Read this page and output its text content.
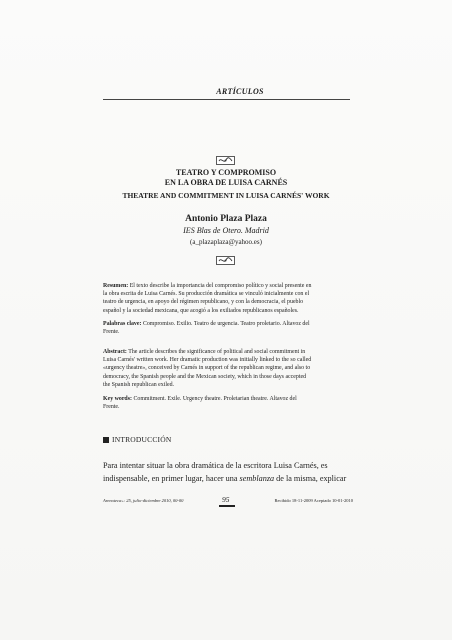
ARTÍCULOS
TEATRO Y COMPROMISO
EN LA OBRA DE LUISA CARNÉS
THEATRE AND COMMITMENT IN LUISA CARNÉS' WORK
Antonio Plaza Plaza
IES Blas de Otero. Madrid
(a_plazaplaza@yahoo.es)
Resumen: El texto describe la importancia del compromiso político y social presente en
la obra escrita de Luisa Carnés. Su producción dramática se vinculó inicialmente con el
teatro de urgencia, en apoyo del régimen republicano, y con la democracia, el pueblo
español y la sociedad mexicana, que acogió a los exiliados republicanos españoles.
Palabras clave: Compromiso. Exilio. Teatro de urgencia. Teatro proletario. Altavoz del
Frente.
Abstract: The article describes the significance of political and social commitment in
Luisa Carnés' written work. Her dramatic production was initially linked to the so called
«urgency theatre», conceived by Carnés in support of the republican regime, and also to
democracy, the Spanish people and the Mexican society, which in those days accepted
the Spanish republican exiled.
Key words: Commitment. Exile. Urgency theatre. Proletarian theatre. Altavoz del
Frente.
INTRODUCCIÓN
Para intentar situar la obra dramática de la escritora Luisa Carnés, es
indispensable, en primer lugar, hacer una semblanza de la misma, explicar
Arenoteca»: 25, julio-diciembre 2010, 00-00	95	Recibido 18-11-2009 Aceptado 10-01-2010
